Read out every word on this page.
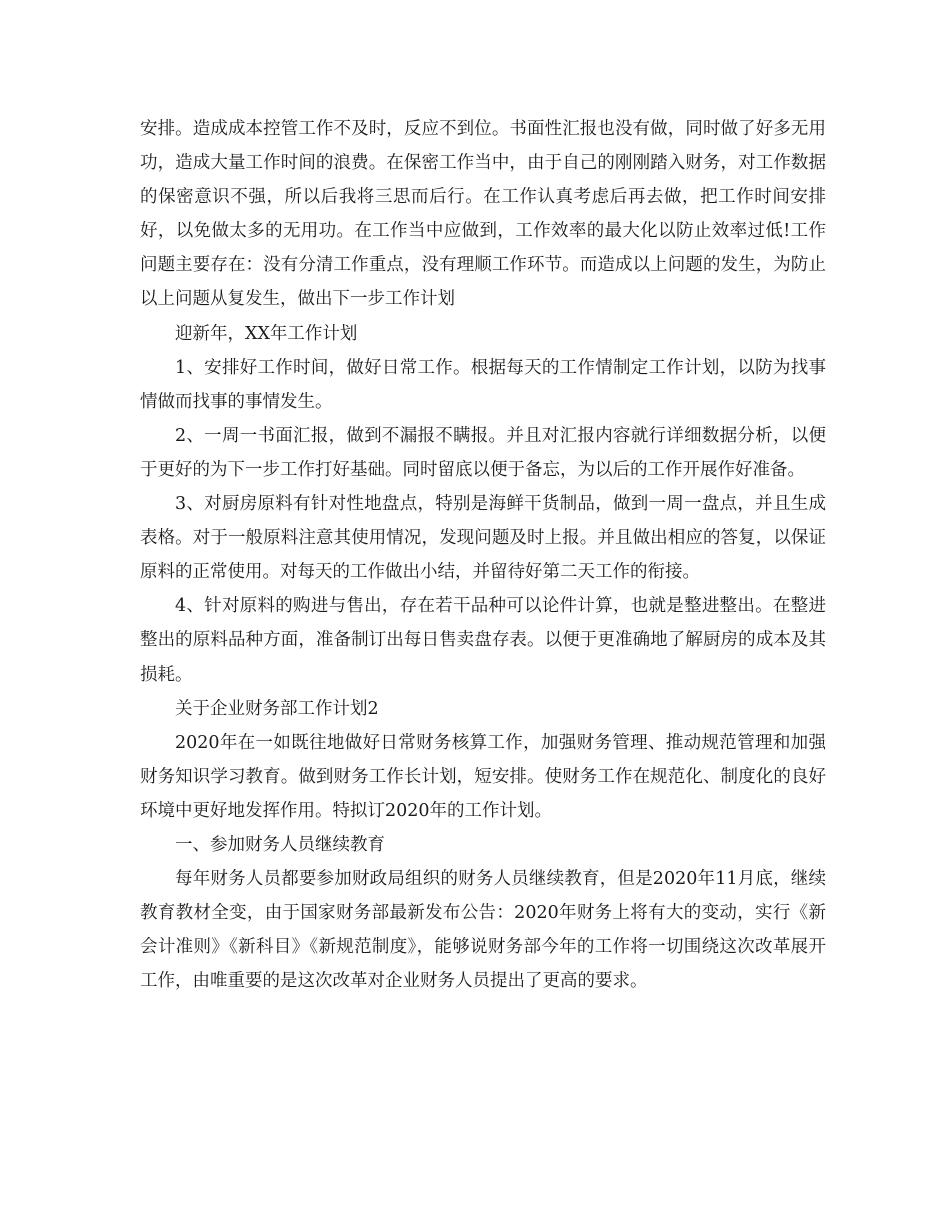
安排。造成成本控管工作不及时，反应不到位。书面性汇报也没有做，同时做了好多无用功，造成大量工作时间的浪费。在保密工作当中，由于自己的刚刚踏入财务，对工作数据的保密意识不强，所以后我将三思而后行。在工作认真考虑后再去做，把工作时间安排好，以免做太多的无用功。在工作当中应做到，工作效率的最大化以防止效率过低!工作问题主要存在：没有分清工作重点，没有理顺工作环节。而造成以上问题的发生，为防止以上问题从复发生，做出下一步工作计划

迎新年，XX年工作计划

1、安排好工作时间，做好日常工作。根据每天的工作情制定工作计划，以防为找事情做而找事的事情发生。

2、一周一书面汇报，做到不漏报不瞒报。并且对汇报内容就行详细数据分析，以便于更好的为下一步工作打好基础。同时留底以便于备忘，为以后的工作开展作好准备。

3、对厨房原料有针对性地盘点，特别是海鲜干货制品，做到一周一盘点，并且生成表格。对于一般原料注意其使用情况，发现问题及时上报。并且做出相应的答复，以保证原料的正常使用。对每天的工作做出小结，并留待好第二天工作的衔接。

4、针对原料的购进与售出，存在若干品种可以论件计算，也就是整进整出。在整进整出的原料品种方面，准备制订出每日售卖盘存表。以便于更准确地了解厨房的成本及其损耗。

关于企业财务部工作计划2

2020年在一如既往地做好日常财务核算工作，加强财务管理、推动规范管理和加强财务知识学习教育。做到财务工作长计划，短安排。使财务工作在规范化、制度化的良好环境中更好地发挥作用。特拟订2020年的工作计划。

一、参加财务人员继续教育

每年财务人员都要参加财政局组织的财务人员继续教育，但是2020年11月底，继续教育教材全变，由于国家财务部最新发布公告：2020年财务上将有大的变动，实行《新会计准则》《新科目》《新规范制度》，能够说财务部今年的工作将一切围绕这次改革展开工作，由唯重要的是这次改革对企业财务人员提出了更高的要求。
